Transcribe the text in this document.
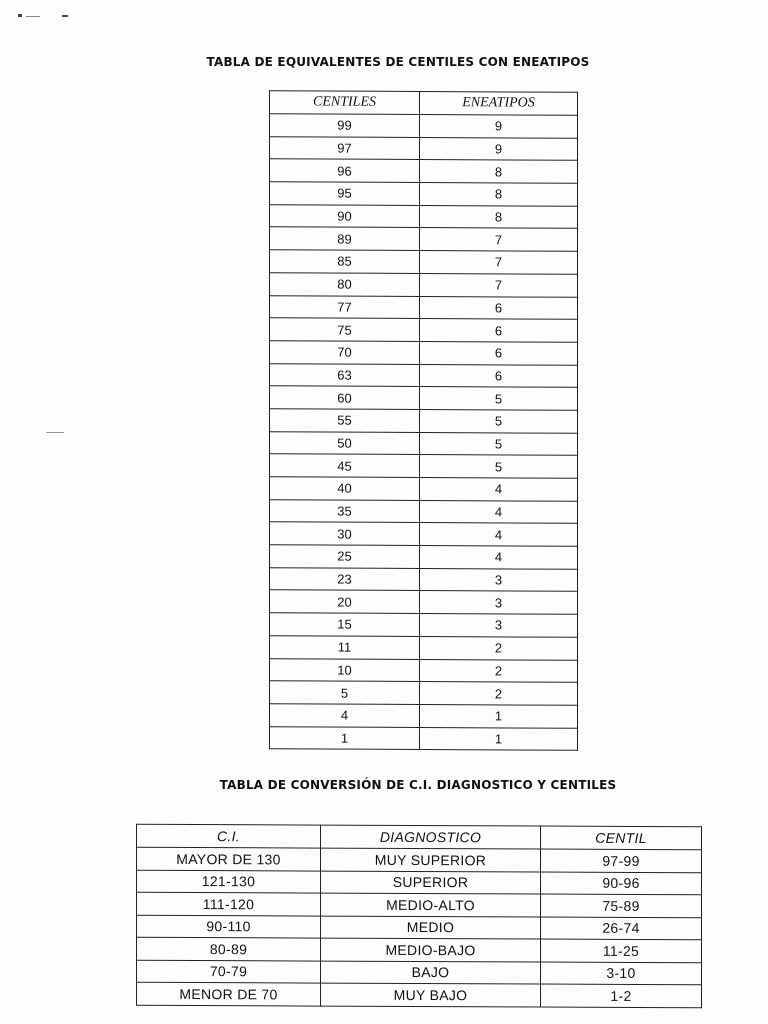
TABLA DE EQUIVALENTES DE CENTILES CON ENEATIPOS
CENTILES	ENEATIPOS
99	9
97	9
96	8
95	8
90	8
89	7
85	7
80	7
77	6
75	6
70	6
63	6
60	5
55	5
50	5
45	5
40	4
35	4
30	4
25	4
23	3
20	3
15	3
11	2
10	2
5	2
4	1
1	1
TABLA DE CONVERSIÓN DE C.I. DIAGNOSTICO Y CENTILES
C.I.	DIAGNOSTICO	CENTIL
MAYOR DE 130	MUY SUPERIOR	97-99
121-130	SUPERIOR	90-96
111-120	MEDIO-ALTO	75-89
90-110	MEDIO	26-74
80-89	MEDIO-BAJO	11-25
70-79	BAJO	3-10
MENOR DE 70	MUY BAJO	1-2
